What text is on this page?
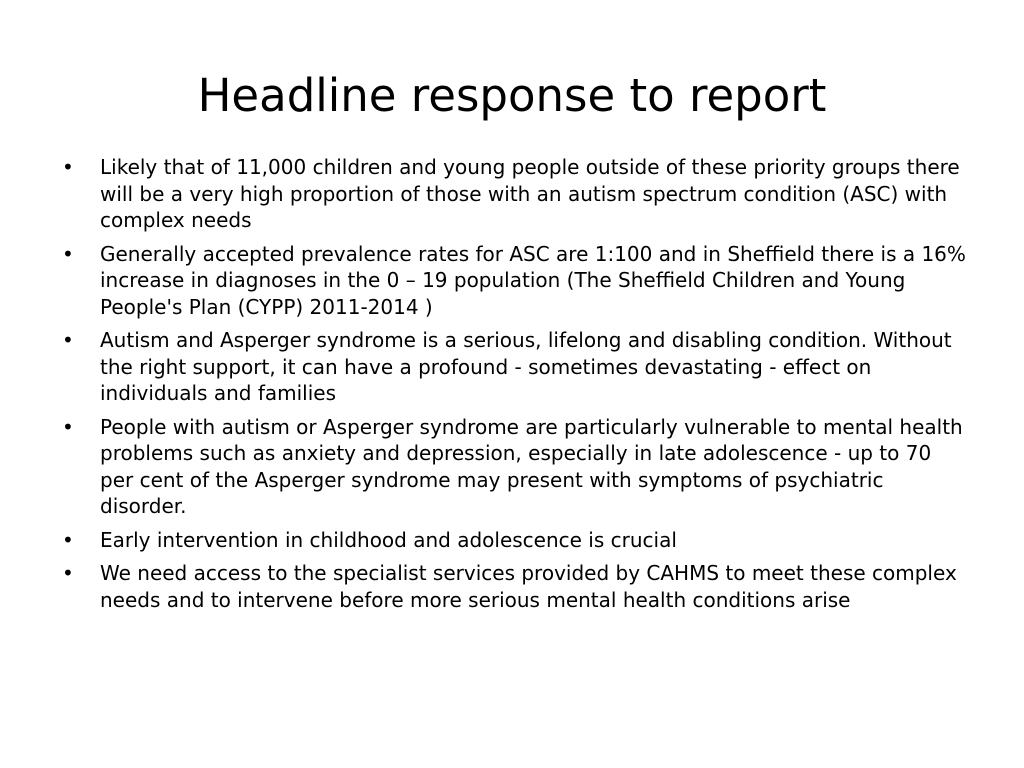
Headline response to report
•	Likely that of 11,000 children and young people outside of these priority groups there will be a very high proportion of those with an autism spectrum condition (ASC) with complex needs
•	Generally accepted prevalence rates for ASC are 1:100 and in Sheffield there is a 16% increase in diagnoses in the 0 – 19 population (The Sheffield Children and Young People's Plan (CYPP) 2011-2014 )
•	Autism and Asperger syndrome is a serious, lifelong and disabling condition. Without the right support, it can have a profound - sometimes devastating - effect on individuals and families
•	People with autism or Asperger syndrome are particularly vulnerable to mental health problems such as anxiety and depression, especially in late adolescence - up to 70 per cent of the Asperger syndrome may present with symptoms of psychiatric disorder.
•	Early intervention in childhood and adolescence is crucial
•	We need access to the specialist services provided by CAHMS to meet these complex needs and to intervene before more serious mental health conditions arise
